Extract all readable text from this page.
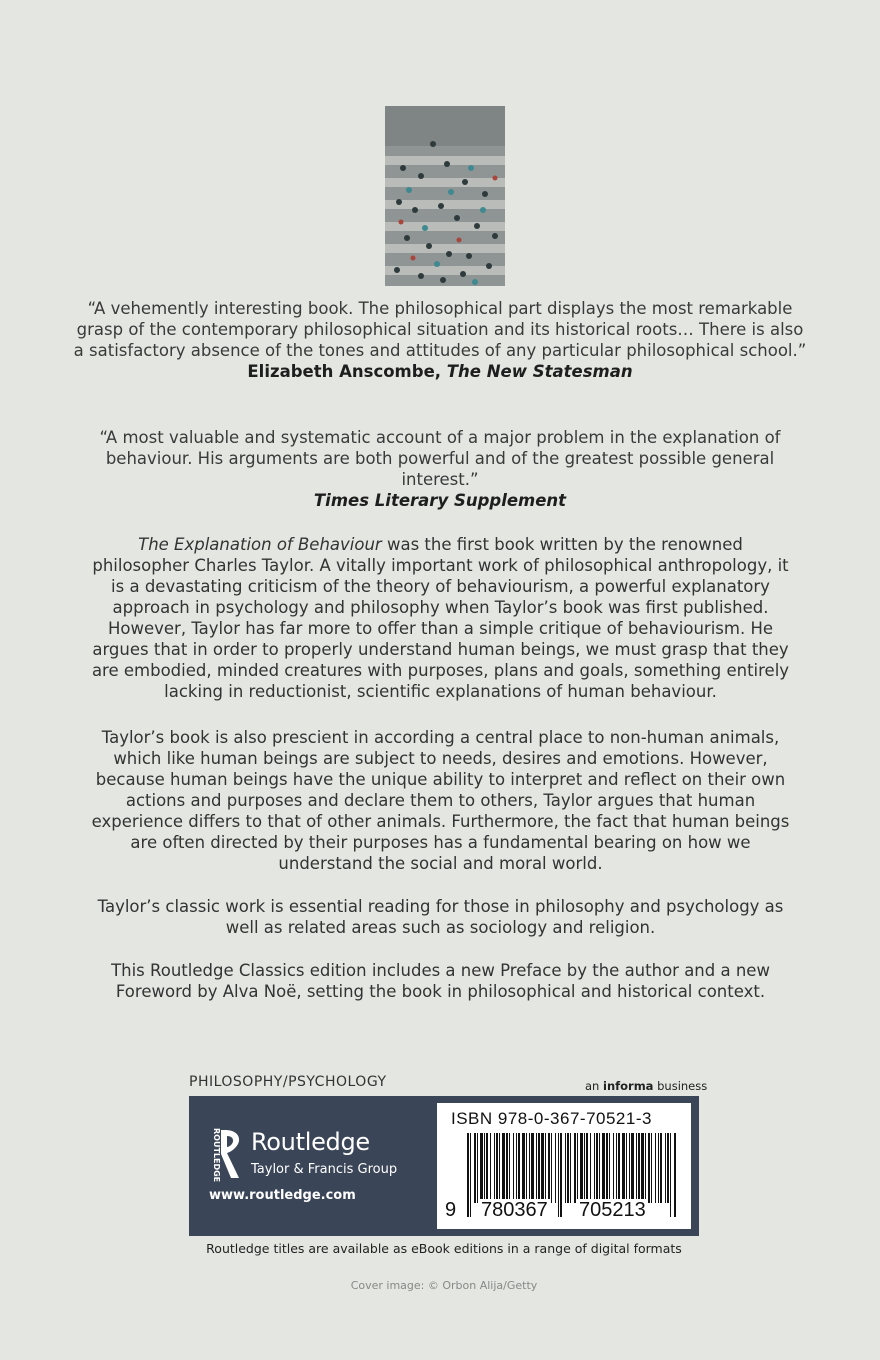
“A vehemently interesting book. The philosophical part displays the most remarkable grasp of the contemporary philosophical situation and its historical roots… There is also a satisfactory absence of the tones and attitudes of any particular philosophical school.”
Elizabeth Anscombe, The New Statesman
“A most valuable and systematic account of a major problem in the explanation of behaviour. His arguments are both powerful and of the greatest possible general interest.”
Times Literary Supplement
The Explanation of Behaviour was the first book written by the renowned philosopher Charles Taylor. A vitally important work of philosophical anthropology, it is a devastating criticism of the theory of behaviourism, a powerful explanatory approach in psychology and philosophy when Taylor’s book was first published. However, Taylor has far more to offer than a simple critique of behaviourism. He argues that in order to properly understand human beings, we must grasp that they are embodied, minded creatures with purposes, plans and goals, something entirely lacking in reductionist, scientific explanations of human behaviour.
Taylor’s book is also prescient in according a central place to non-human animals, which like human beings are subject to needs, desires and emotions. However, because human beings have the unique ability to interpret and reflect on their own actions and purposes and declare them to others, Taylor argues that human experience differs to that of other animals. Furthermore, the fact that human beings are often directed by their purposes has a fundamental bearing on how we understand the social and moral world.
Taylor’s classic work is essential reading for those in philosophy and psychology as well as related areas such as sociology and religion.
This Routledge Classics edition includes a new Preface by the author and a new Foreword by Alva Noë, setting the book in philosophical and historical context.
PHILOSOPHY/PSYCHOLOGY	an informa business
ROUTLEDGE Routledge
Taylor & Francis Group
www.routledge.com
ISBN 978-0-367-70521-3
9 780367 705213
Routledge titles are available as eBook editions in a range of digital formats
Cover image: © Orbon Alija/Getty
